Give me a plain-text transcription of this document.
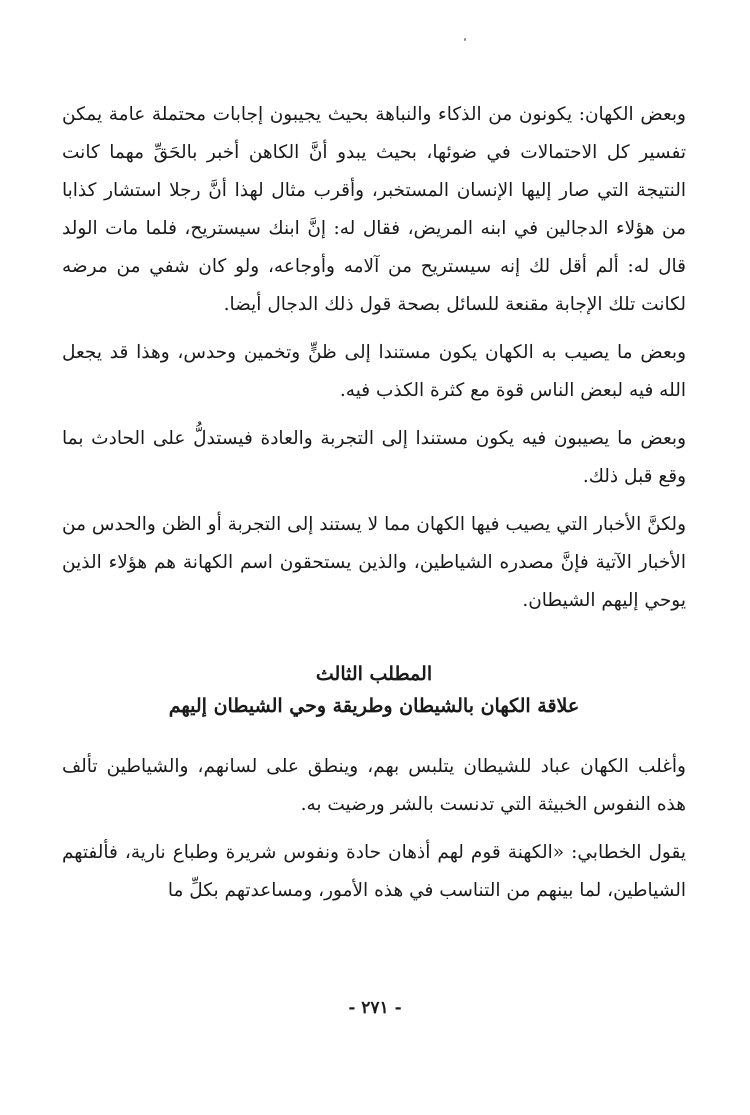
وبعض الكهان: يكونون من الذكاء والنباهة بحيث يجيبون إجابات محتملة عامة يمكن تفسير كل الاحتمالات في ضوئها، بحيث يبدو أنَّ الكاهن أخبر بالحَقِّ مهما كانت النتيجة التي صار إليها الإنسان المستخبر، وأقرب مثال لهذا أنَّ رجلا استشار كذابا من هؤلاء الدجالين في ابنه المريض، فقال له: إنَّ ابنك سيستريح، فلما مات الولد قال له: ألم أقل لك إنه سيستريح من آلامه وأوجاعه، ولو كان شفي من مرضه لكانت تلك الإجابة مقنعة للسائل بصحة قول ذلك الدجال أيضا.

وبعض ما يصيب به الكهان يكون مستندا إلى ظنٍّ وتخمين وحدس، وهذا قد يجعل الله فيه لبعض الناس قوة مع كثرة الكذب فيه.

وبعض ما يصيبون فيه يكون مستندا إلى التجربة والعادة فيستدلُّ على الحادث بما وقع قبل ذلك.

ولكنَّ الأخبار التي يصيب فيها الكهان مما لا يستند إلى التجربة أو الظن والحدس من الأخبار الآتية فإنَّ مصدره الشياطين، والذين يستحقون اسم الكهانة هم هؤلاء الذين يوحي إليهم الشيطان.

المطلب الثالث

علاقة الكهان بالشيطان وطريقة وحي الشيطان إليهم

وأغلب الكهان عباد للشيطان يتلبس بهم، وينطق على لسانهم، والشياطين تألف هذه النفوس الخبيثة التي تدنست بالشر ورضيت به.

يقول الخطابي: «الكهنة قوم لهم أذهان حادة ونفوس شريرة وطباع نارية، فألفتهم الشياطين، لما بينهم من التناسب في هذه الأمور، ومساعدتهم بكلِّ ما

- ٢٧١ -
